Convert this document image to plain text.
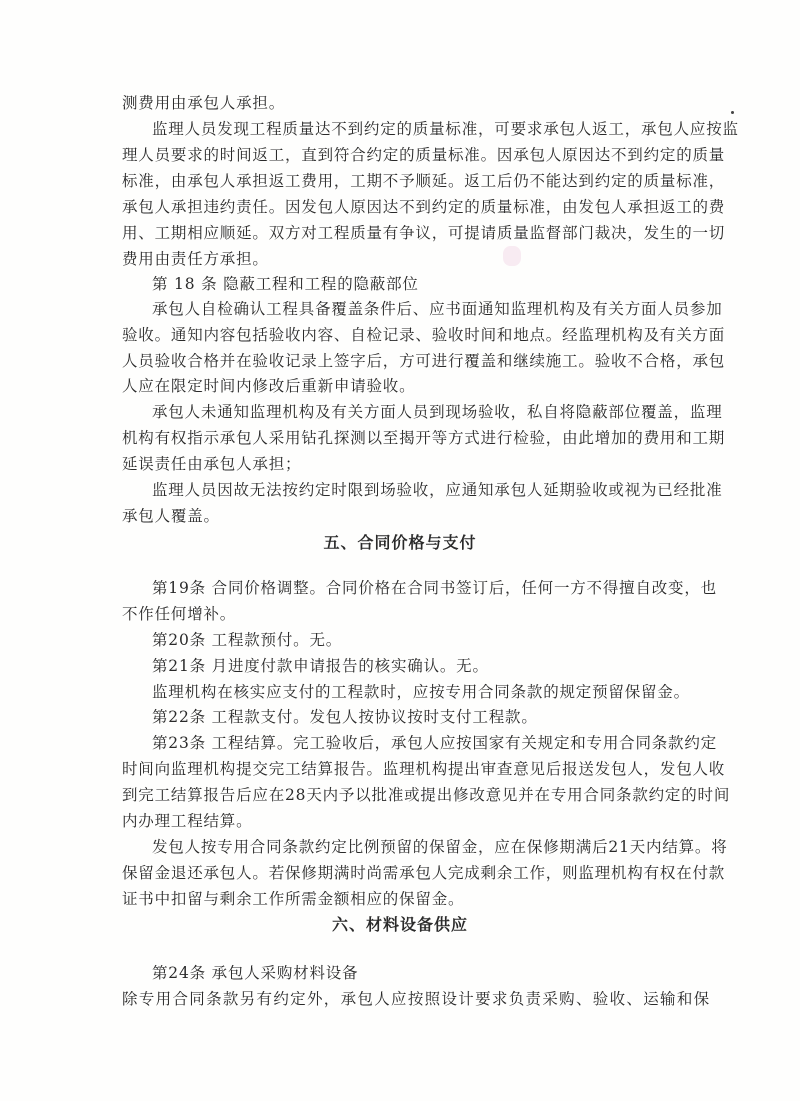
测费用由承包人承担。
监理人员发现工程质量达不到约定的质量标准，可要求承包人返工，承包人应按监
理人员要求的时间返工，直到符合约定的质量标准。因承包人原因达不到约定的质量
标准，由承包人承担返工费用，工期不予顺延。返工后仍不能达到约定的质量标准，
承包人承担违约责任。因发包人原因达不到约定的质量标准，由发包人承担返工的费
用、工期相应顺延。双方对工程质量有争议，可提请质量监督部门裁决，发生的一切
费用由责任方承担。
第 18 条 隐蔽工程和工程的隐蔽部位
承包人自检确认工程具备覆盖条件后、应书面通知监理机构及有关方面人员参加
验收。通知内容包括验收内容、自检记录、验收时间和地点。经监理机构及有关方面
人员验收合格并在验收记录上签字后，方可进行覆盖和继续施工。验收不合格，承包
人应在限定时间内修改后重新申请验收。
承包人未通知监理机构及有关方面人员到现场验收，私自将隐蔽部位覆盖，监理
机构有权指示承包人采用钻孔探测以至揭开等方式进行检验，由此增加的费用和工期
延误责任由承包人承担；
监理人员因故无法按约定时限到场验收，应通知承包人延期验收或视为已经批准
承包人覆盖。
五、合同价格与支付
第19条 合同价格调整。合同价格在合同书签订后，任何一方不得擅自改变，也
不作任何增补。
第20条 工程款预付。无。
第21条 月进度付款申请报告的核实确认。无。
监理机构在核实应支付的工程款时，应按专用合同条款的规定预留保留金。
第22条 工程款支付。发包人按协议按时支付工程款。
第23条 工程结算。完工验收后，承包人应按国家有关规定和专用合同条款约定
时间向监理机构提交完工结算报告。监理机构提出审查意见后报送发包人，发包人收
到完工结算报告后应在28天内予以批准或提出修改意见并在专用合同条款约定的时间
内办理工程结算。
发包人按专用合同条款约定比例预留的保留金，应在保修期满后21天内结算。将
保留金退还承包人。若保修期满时尚需承包人完成剩余工作，则监理机构有权在付款
证书中扣留与剩余工作所需金额相应的保留金。
六、材料设备供应
第24条 承包人采购材料设备
除专用合同条款另有约定外，承包人应按照设计要求负责采购、验收、运输和保
